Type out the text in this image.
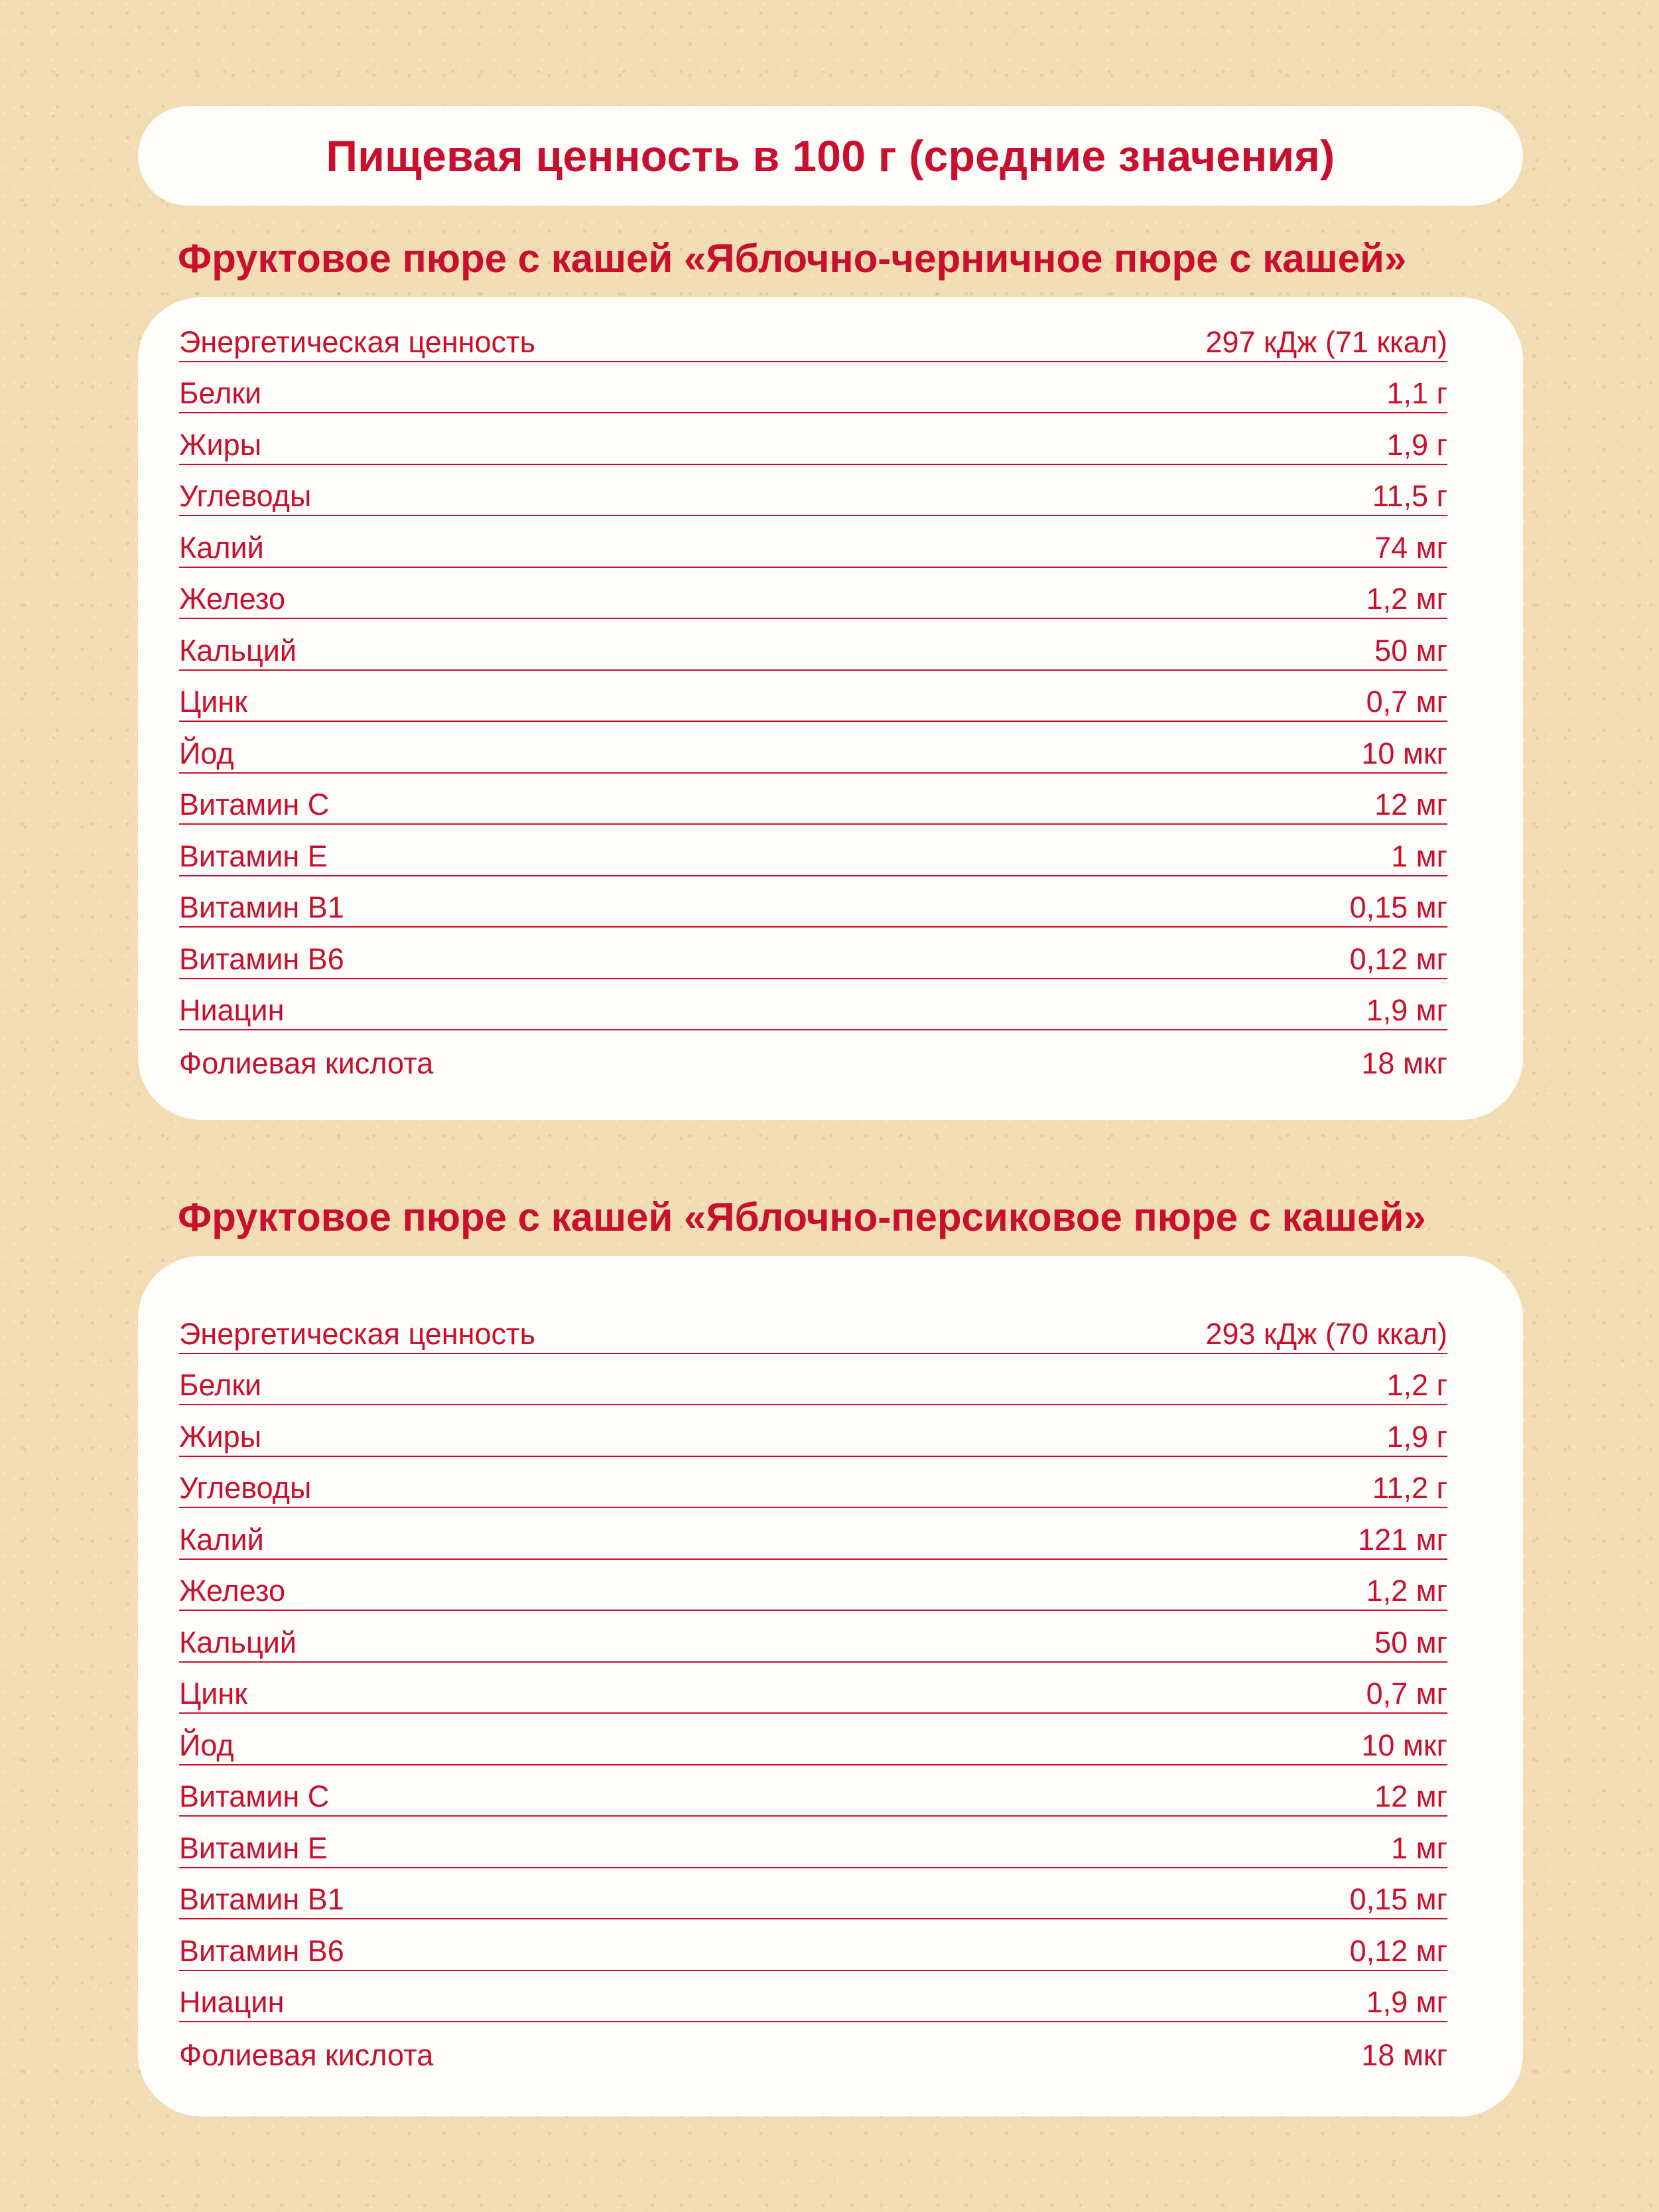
Пищевая ценность в 100 г (средние значения)
Фруктовое пюре с кашей «Яблочно-черничное пюре с кашей»
Энергетическая ценность	297 кДж (71 ккал)
Белки	1,1 г
Жиры	1,9 г
Углеводы	11,5 г
Калий	74 мг
Железо	1,2 мг
Кальций	50 мг
Цинк	0,7 мг
Йод	10 мкг
Витамин С	12 мг
Витамин Е	1 мг
Витамин В1	0,15 мг
Витамин В6	0,12 мг
Ниацин	1,9 мг
Фолиевая кислота	18 мкг
Фруктовое пюре с кашей «Яблочно-персиковое пюре с кашей»
Энергетическая ценность	293 кДж (70 ккал)
Белки	1,2 г
Жиры	1,9 г
Углеводы	11,2 г
Калий	121 мг
Железо	1,2 мг
Кальций	50 мг
Цинк	0,7 мг
Йод	10 мкг
Витамин С	12 мг
Витамин Е	1 мг
Витамин В1	0,15 мг
Витамин В6	0,12 мг
Ниацин	1,9 мг
Фолиевая кислота	18 мкг
